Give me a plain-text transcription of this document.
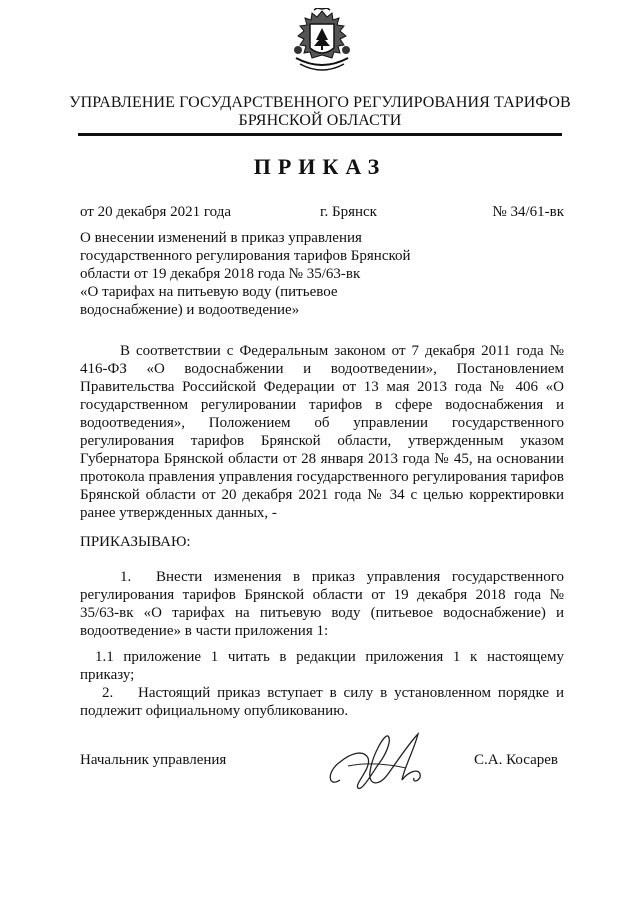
УПРАВЛЕНИЕ ГОСУДАРСТВЕННОГО РЕГУЛИРОВАНИЯ ТАРИФОВ
БРЯНСКОЙ ОБЛАСТИ
ПРИКАЗ
от 20 декабря 2021 года	г. Брянск	№ 34/61-вк
О внесении изменений в приказ управления
государственного регулирования тарифов Брянской
области от 19 декабря 2018 года № 35/63-вк
«О тарифах на питьевую воду (питьевое
водоснабжение) и водоотведение»
В соответствии с Федеральным законом от 7 декабря 2011 года № 416-ФЗ «О водоснабжении и водоотведении», Постановлением Правительства Российской Федерации от 13 мая 2013 года № 406 «О государственном регулировании тарифов в сфере водоснабжения и водоотведения», Положением об управлении государственного регулирования тарифов Брянской области, утвержденным указом Губернатора Брянской области от 28 января 2013 года № 45, на основании протокола правления управления государственного регулирования тарифов Брянской области от 20 декабря 2021 года № 34 с целью корректировки ранее утвержденных данных, -
ПРИКАЗЫВАЮ:
1. Внести изменения в приказ управления государственного регулирования тарифов Брянской области от 19 декабря 2018 года № 35/63-вк «О тарифах на питьевую воду (питьевое водоснабжение) и водоотведение» в части приложения 1:
1.1 приложение 1 читать в редакции приложения 1 к настоящему приказу;
2. Настоящий приказ вступает в силу в установленном порядке и подлежит официальному опубликованию.
Начальник управления	С.А. Косарев
